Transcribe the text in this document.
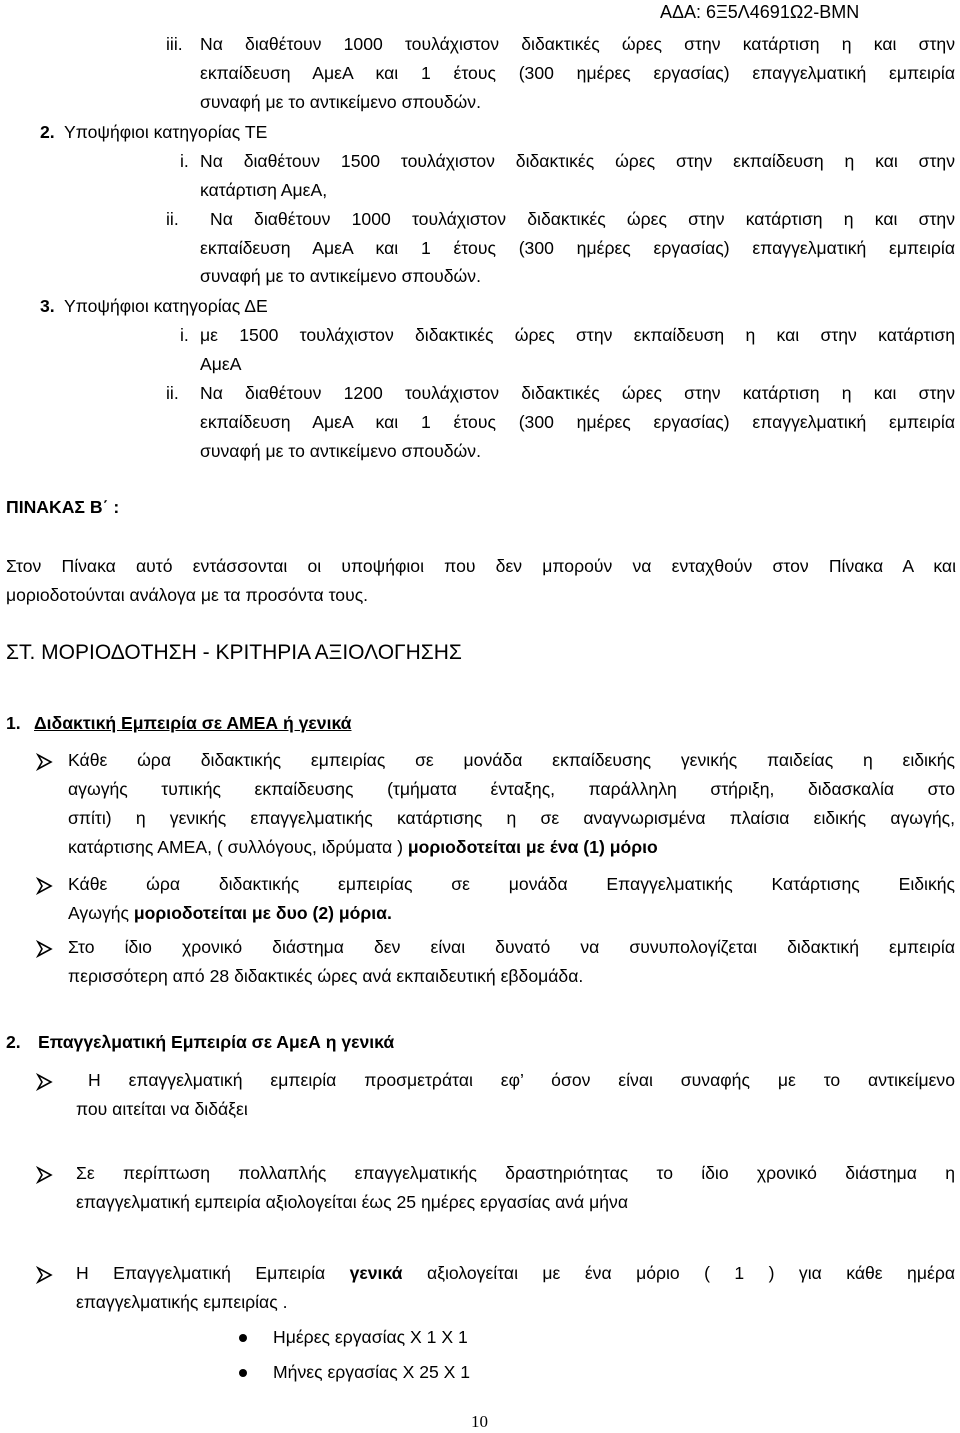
ΑΔΑ: 6Ξ5Λ4691Ω2-ΒΜΝ
iii. Να διαθέτουν 1000 τουλάχιστον διδακτικές ώρες στην κατάρτιση η και στην
εκπαίδευση ΑμεΑ και 1 έτους (300 ημέρες εργασίας) επαγγελματική εμπειρία
συναφή με το αντικείμενο σπουδών.
2. Υποψήφιοι κατηγορίας ΤΕ
i. Να διαθέτουν 1500 τουλάχιστον διδακτικές ώρες στην εκπαίδευση η και στην
κατάρτιση ΑμεΑ,
ii. Να διαθέτουν 1000 τουλάχιστον διδακτικές ώρες στην κατάρτιση η και στην
εκπαίδευση ΑμεΑ και 1 έτους (300 ημέρες εργασίας) επαγγελματική εμπειρία
συναφή με το αντικείμενο σπουδών.
3. Υποψήφιοι κατηγορίας ΔΕ
i. με 1500 τουλάχιστον διδακτικές ώρες στην εκπαίδευση η και στην κατάρτιση
ΑμεΑ
ii. Να διαθέτουν 1200 τουλάχιστον διδακτικές ώρες στην κατάρτιση η και στην
εκπαίδευση ΑμεΑ και 1 έτους (300 ημέρες εργασίας) επαγγελματική εμπειρία
συναφή με το αντικείμενο σπουδών.
ΠΙΝΑΚΑΣ Β΄ :
Στον Πίνακα αυτό εντάσσονται οι υποψήφιοι που δεν μπορούν να ενταχθούν στον Πίνακα Α και
μοριοδοτούνται ανάλογα με τα προσόντα τους.
ΣΤ. ΜΟΡΙΟΔΟΤΗΣΗ - ΚΡΙΤΗΡΙΑ ΑΞΙΟΛΟΓΗΣΗΣ
1. Διδακτική Εμπειρία σε ΑΜΕΑ ή γενικά
Κάθε ώρα διδακτικής εμπειρίας σε μονάδα εκπαίδευσης γενικής παιδείας η ειδικής
αγωγής τυπικής εκπαίδευσης (τμήματα ένταξης, παράλληλη στήριξη, διδασκαλία στο
σπίτι) η γενικής επαγγελματικής κατάρτισης η σε αναγνωρισμένα πλαίσια ειδικής αγωγής,
κατάρτισης ΑΜΕΑ, ( συλλόγους, ιδρύματα ) μοριοδοτείται με ένα (1) μόριο
Κάθε ώρα διδακτικής εμπειρίας σε μονάδα Επαγγελματικής Κατάρτισης Ειδικής
Αγωγής μοριοδοτείται με δυο (2) μόρια.
Στο ίδιο χρονικό διάστημα δεν είναι δυνατό να συνυπολογίζεται διδακτική εμπειρία
περισσότερη από 28 διδακτικές ώρες ανά εκπαιδευτική εβδομάδα.
2. Επαγγελματική Εμπειρία σε ΑμεΑ η γενικά
Η επαγγελματική εμπειρία προσμετράται εφ’ όσον είναι συναφής με το αντικείμενο
που αιτείται να διδάξει
Σε περίπτωση πολλαπλής επαγγελματικής δραστηριότητας το ίδιο χρονικό διάστημα η
επαγγελματική εμπειρία αξιολογείται έως 25 ημέρες εργασίας ανά μήνα
Η Επαγγελματική Εμπειρία γενικά αξιολογείται με ένα μόριο ( 1 ) για κάθε ημέρα
επαγγελματικής εμπειρίας .
Ημέρες εργασίας Χ 1 Χ 1
Μήνες εργασίας Χ 25 Χ 1
10
